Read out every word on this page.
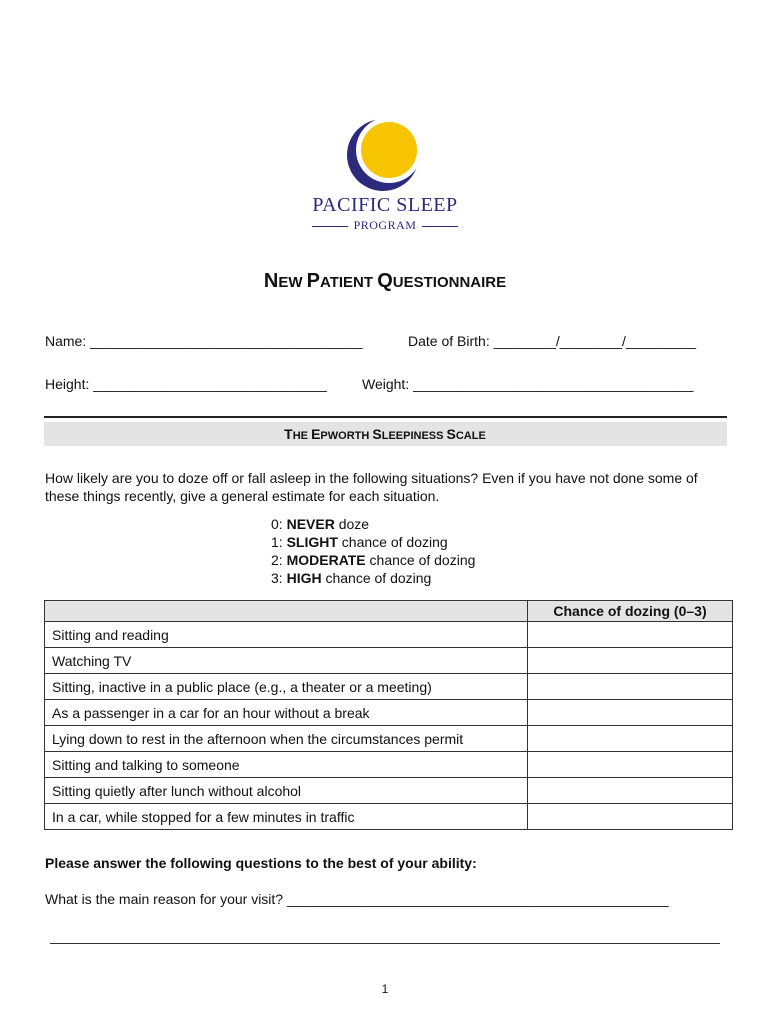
PACIFIC SLEEP
PROGRAM
NEW PATIENT QUESTIONNAIRE
Name: ___________________________________	Date of Birth: ________/________/_________
Height: ______________________________	Weight: ____________________________________
THE EPWORTH SLEEPINESS SCALE
How likely are you to doze off or fall asleep in the following situations? Even if you have not done some of these things recently, give a general estimate for each situation.
0: NEVER doze
1: SLIGHT chance of dozing
2: MODERATE chance of dozing
3: HIGH chance of dozing
	Chance of dozing (0–3)
Sitting and reading	
Watching TV	
Sitting, inactive in a public place (e.g., a theater or a meeting)	
As a passenger in a car for an hour without a break	
Lying down to rest in the afternoon when the circumstances permit	
Sitting and talking to someone	
Sitting quietly after lunch without alcohol	
In a car, while stopped for a few minutes in traffic	
Please answer the following questions to the best of your ability:
What is the main reason for your visit? _________________________________________________
1
